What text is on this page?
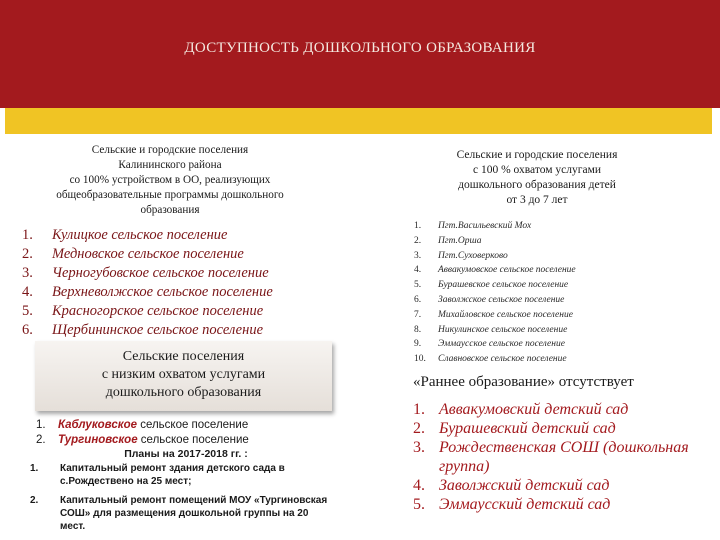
ДОСТУПНОСТЬ ДОШКОЛЬНОГО ОБРАЗОВАНИЯ
Сельские и городские поселения
Калининского района
со 100% устройством в ОО, реализующих
общеобразовательные программы дошкольного
образования
1. Кулицкое сельское поселение
2. Медновское сельское поселение
3. Черногубовское сельское поселение
4. Верхневолжское сельское поселение
5. Красногорское сельское поселение
6. Щербининское сельское поселение
Сельские поселения
с низким охватом услугами
дошкольного образования
1. Каблуковское сельское поселение
2. Тургиновское сельское поселение
Планы на 2017-2018 гг. :
1.	Капитальный ремонт здания детского сада в с.Рождествено на 25 мест;
2.	Капитальный ремонт помещений МОУ «Тургиновская СОШ» для размещения дошкольной группы на 20 мест.
Сельские и городские поселения
с 100 % охватом услугами
дошкольного образования детей
от 3 до 7 лет
1. Пгт.Васильевский Мох
2. Пгт.Орша
3. Пгт.Суховерково
4. Аввакумовское сельское поселение
5. Бурашевское сельское поселение
6. Заволжское сельское поселение
7. Михайловское сельское поселение
8. Никулинское сельское поселение
9. Эммаусское сельское поселение
10. Славновское сельское поселение
«Раннее образование» отсутствует
1. Аввакумовский детский сад
2. Бурашевский детский сад
3. Рождественская СОШ (дошкольная группа)
4. Заволжский детский сад
5. Эммаусский детский сад
